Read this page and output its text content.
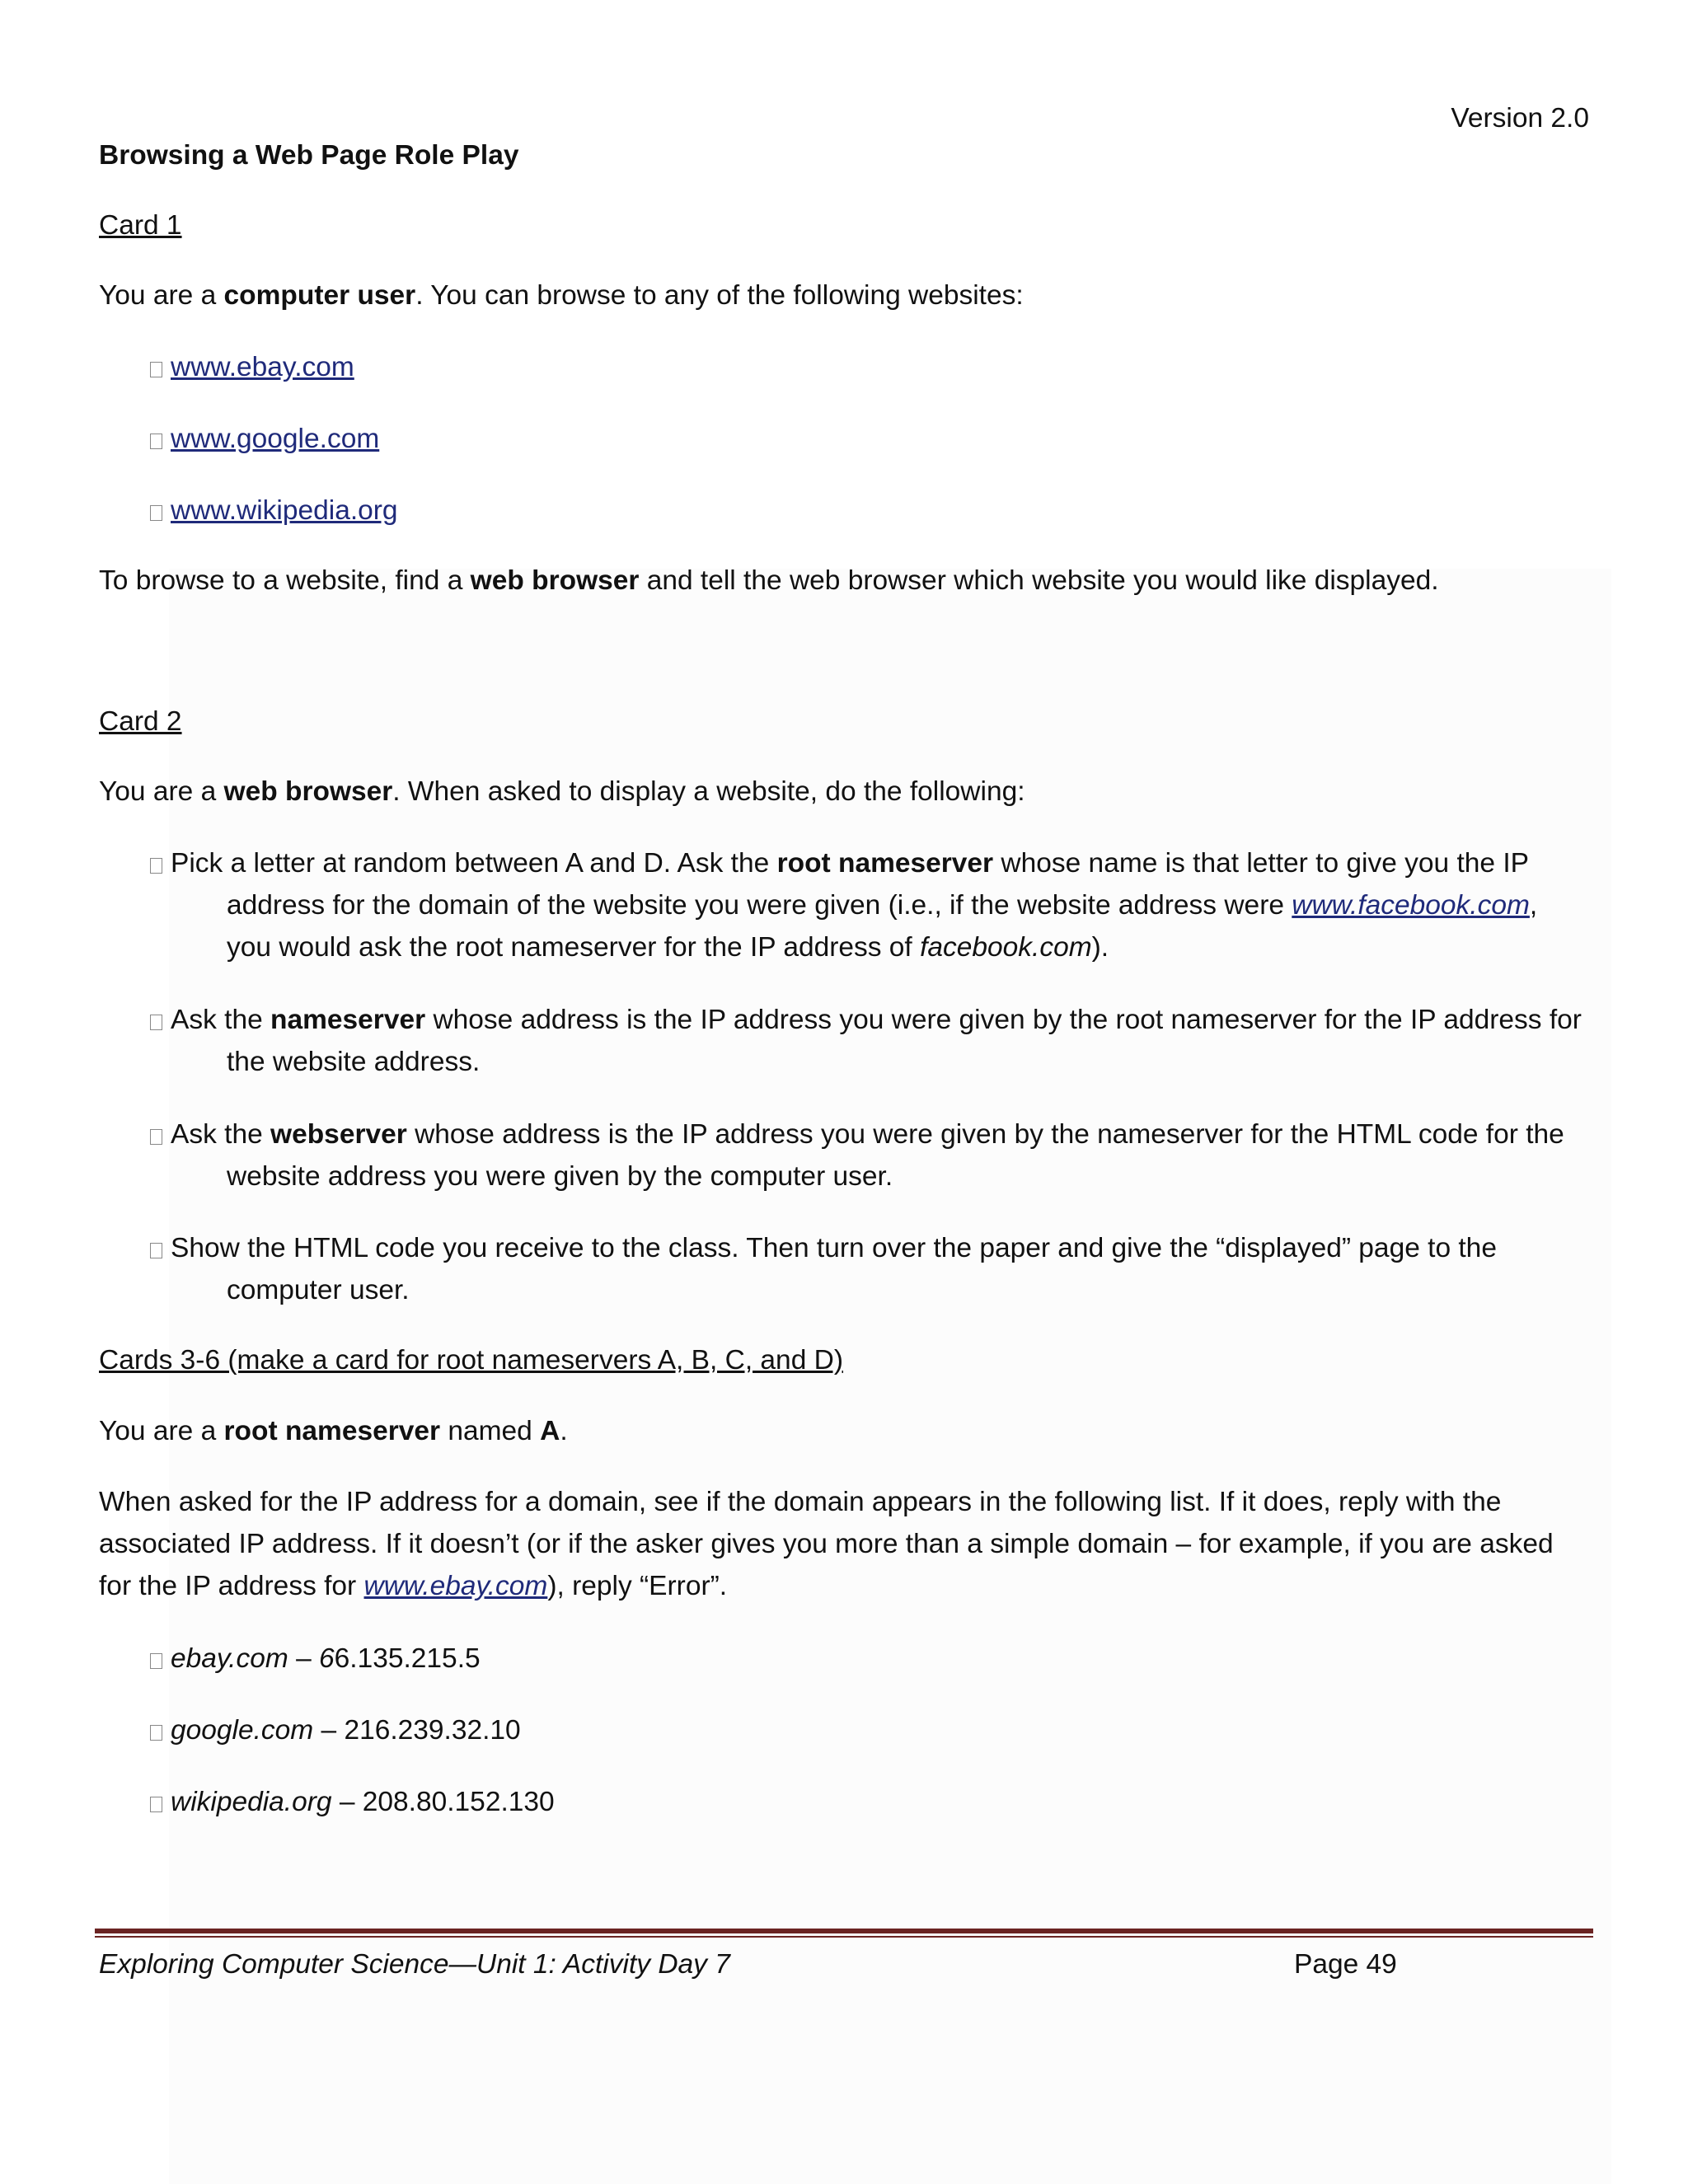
Version 2.0
Browsing a Web Page Role Play
Card 1
You are a computer user. You can browse to any of the following websites:
www.ebay.com
www.google.com
www.wikipedia.org
To browse to a website, find a web browser and tell the web browser which website you would like displayed.
Card 2
You are a web browser. When asked to display a website, do the following:
Pick a letter at random between A and D. Ask the root nameserver whose name is that letter to give you the IP
address for the domain of the website you were given (i.e., if the website address were www.facebook.com,
you would ask the root nameserver for the IP address of facebook.com).
Ask the nameserver whose address is the IP address you were given by the root nameserver for the IP address for
the website address.
Ask the webserver whose address is the IP address you were given by the nameserver for the HTML code for the
website address you were given by the computer user.
Show the HTML code you receive to the class. Then turn over the paper and give the “displayed” page to the
computer user.
Cards 3-6 (make a card for root nameservers A, B, C, and D)
You are a root nameserver named A.
When asked for the IP address for a domain, see if the domain appears in the following list. If it does, reply with the
associated IP address. If it doesn’t (or if the asker gives you more than a simple domain – for example, if you are asked
for the IP address for www.ebay.com), reply “Error”.
ebay.com – 66.135.215.5
google.com – 216.239.32.10
wikipedia.org – 208.80.152.130
Exploring Computer Science—Unit 1: Activity Day 7	Page 49
